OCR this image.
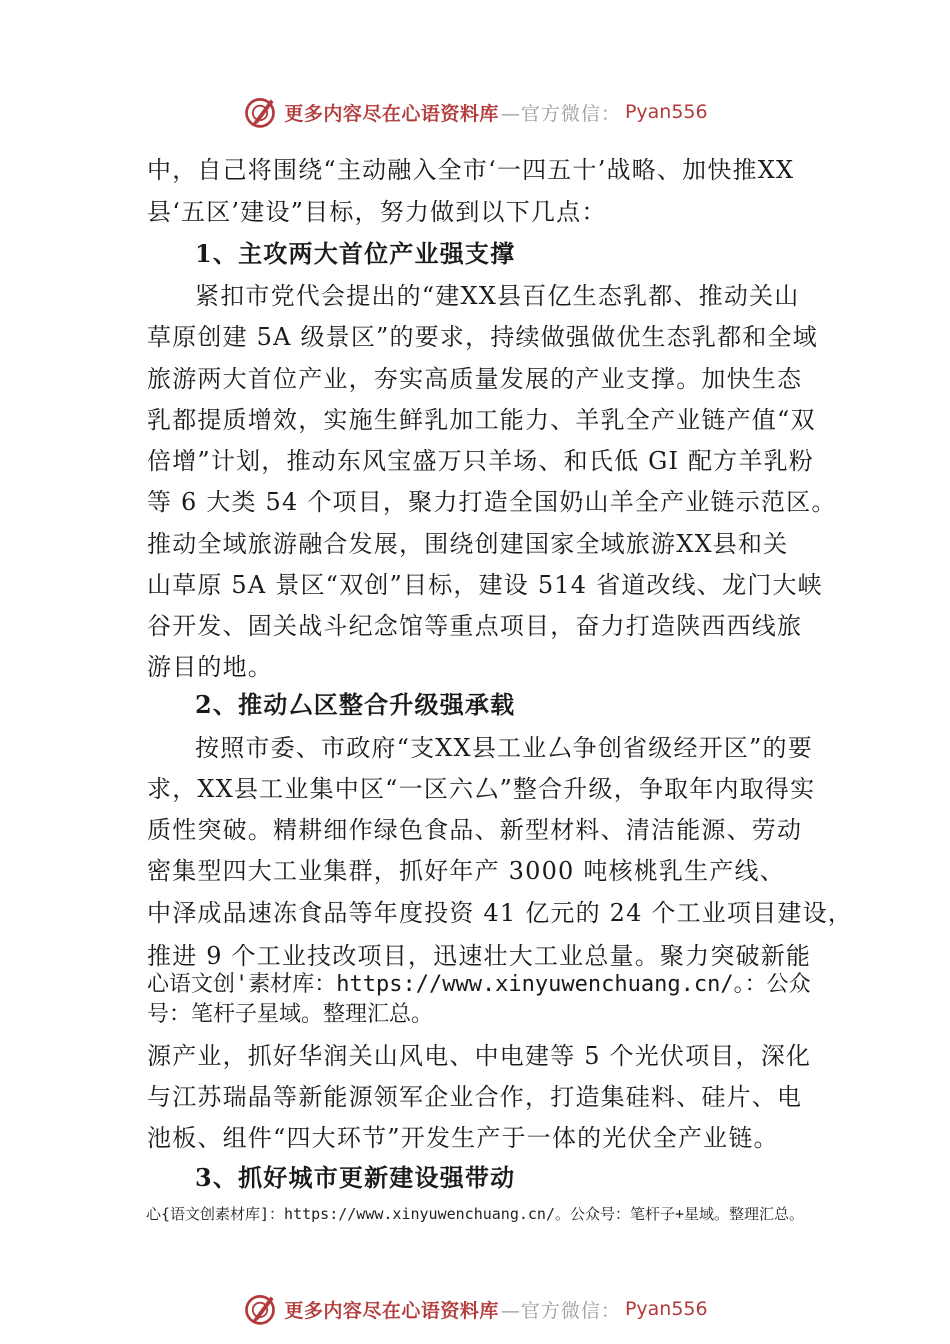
更多内容尽在心语资料库 —官方微信： Pyan556
中，自己将围绕“主动融入全市‘一四五十’战略、加快推XX
县‘五区’建设”目标，努力做到以下几点：
1、主攻两大首位产业强支撑
紧扣市党代会提出的“建XX县百亿生态乳都、推动关山
草原创建 5A 级景区”的要求，持续做强做优生态乳都和全域
旅游两大首位产业，夯实高质量发展的产业支撑。加快生态
乳都提质增效，实施生鲜乳加工能力、羊乳全产业链产值“双
倍增”计划，推动东风宝盛万只羊场、和氏低 GI 配方羊乳粉
等 6 大类 54 个项目，聚力打造全国奶山羊全产业链示范区。
推动全域旅游融合发展，围绕创建国家全域旅游XX县和关
山草原 5A 景区“双创”目标，建设 514 省道改线、龙门大峡
谷开发、固关战斗纪念馆等重点项目，奋力打造陕西西线旅
游目的地。
2、推动厶区整合升级强承载
按照市委、市政府“支XX县工业厶争创省级经开区”的要
求，XX县工业集中区“一区六厶”整合升级，争取年内取得实
质性突破。精耕细作绿色食品、新型材料、清洁能源、劳动
密集型四大工业集群，抓好年产 3000 吨核桃乳生产线、
中泽成品速冻食品等年度投资 41 亿元的 24 个工业项目建设，
推进 9 个工业技改项目，迅速壮大工业总量。聚力突破新能
心语文创'素材库：https://www.xinyuwenchuang.cn/。：公众
号：笔杆子星域。整理汇总。
源产业，抓好华润关山风电、中电建等 5 个光伏项目，深化
与江苏瑞晶等新能源领军企业合作，打造集硅料、硅片、电
池板、组件“四大环节”开发生产于一体的光伏全产业链。
3、抓好城市更新建设强带动
心{语文创素材库]：https://www.xinyuwenchuang.cn/。公众号：笔杆子+星域。整理汇总。
更多内容尽在心语资料库 —官方微信： Pyan556
